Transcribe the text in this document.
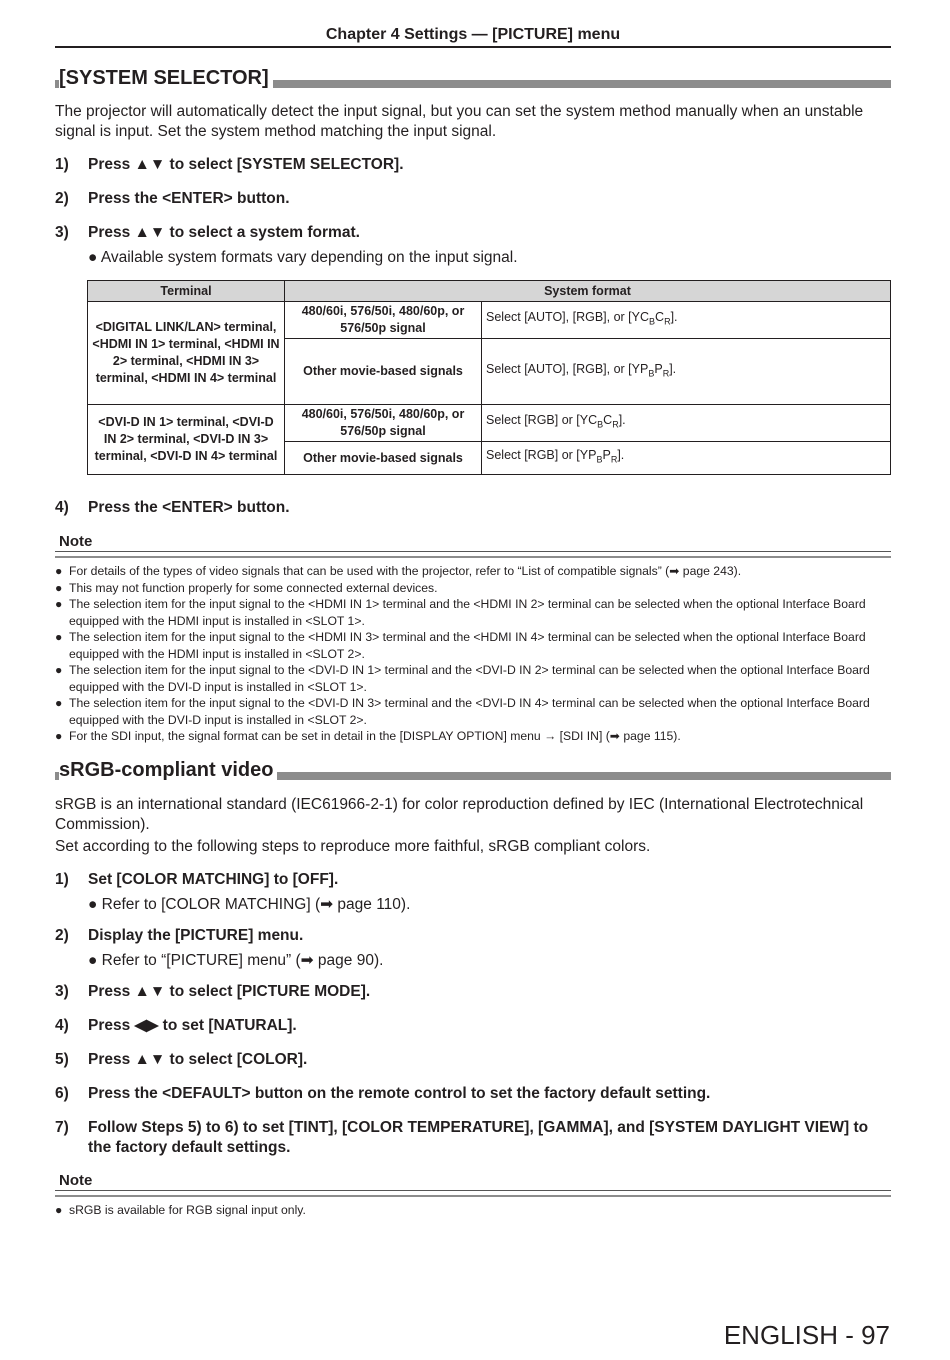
Chapter 4 Settings — [PICTURE] menu
[SYSTEM SELECTOR]
The projector will automatically detect the input signal, but you can set the system method manually when an unstable signal is input. Set the system method matching the input signal.
1)	Press ▲▼ to select [SYSTEM SELECTOR].
2)	Press the <ENTER> button.
3)	Press ▲▼ to select a system format.
● Available system formats vary depending on the input signal.
Terminal	System format	
<DIGITAL LINK/LAN> terminal, <HDMI IN 1> terminal, <HDMI IN 2> terminal, <HDMI IN 3> terminal, <HDMI IN 4> terminal	480/60i, 576/50i, 480/60p, or 576/50p signal	Select [AUTO], [RGB], or $[YC_BC_R]$.
	Other movie-based signals	Select [AUTO], [RGB], or $[YP_BP_R]$.
<DVI-D IN 1> terminal, <DVI-D IN 2> terminal, <DVI-D IN 3> terminal, <DVI-D IN 4> terminal	480/60i, 576/50i, 480/60p, or 576/50p signal	Select [RGB] or $[YC_BC_R]$.
	Other movie-based signals	Select [RGB] or $[YP_BP_R]$.
4)	Press the <ENTER> button.
Note
● For details of the types of video signals that can be used with the projector, refer to “List of compatible signals” (➡ page 243).
● This may not function properly for some connected external devices.
● The selection item for the input signal to the <HDMI IN 1> terminal and the <HDMI IN 2> terminal can be selected when the optional Interface Board equipped with the HDMI input is installed in <SLOT 1>.
● The selection item for the input signal to the <HDMI IN 3> terminal and the <HDMI IN 4> terminal can be selected when the optional Interface Board equipped with the HDMI input is installed in <SLOT 2>.
● The selection item for the input signal to the <DVI-D IN 1> terminal and the <DVI-D IN 2> terminal can be selected when the optional Interface Board equipped with the DVI-D input is installed in <SLOT 1>.
● The selection item for the input signal to the <DVI-D IN 3> terminal and the <DVI-D IN 4> terminal can be selected when the optional Interface Board equipped with the DVI-D input is installed in <SLOT 2>.
● For the SDI input, the signal format can be set in detail in the [DISPLAY OPTION] menu → [SDI IN] (➡ page 115).
sRGB-compliant video
sRGB is an international standard (IEC61966-2-1) for color reproduction defined by IEC (International Electrotechnical Commission).
Set according to the following steps to reproduce more faithful, sRGB compliant colors.
1)	Set [COLOR MATCHING] to [OFF].
● Refer to [COLOR MATCHING] (➡ page 110).
2)	Display the [PICTURE] menu.
● Refer to “[PICTURE] menu” (➡ page 90).
3)	Press ▲▼ to select [PICTURE MODE].
4)	Press ◀▶ to set [NATURAL].
5)	Press ▲▼ to select [COLOR].
6)	Press the <DEFAULT> button on the remote control to set the factory default setting.
7)	Follow Steps 5) to 6) to set [TINT], [COLOR TEMPERATURE], [GAMMA], and [SYSTEM DAYLIGHT VIEW] to the factory default settings.
Note
● sRGB is available for RGB signal input only.
ENGLISH - 97
